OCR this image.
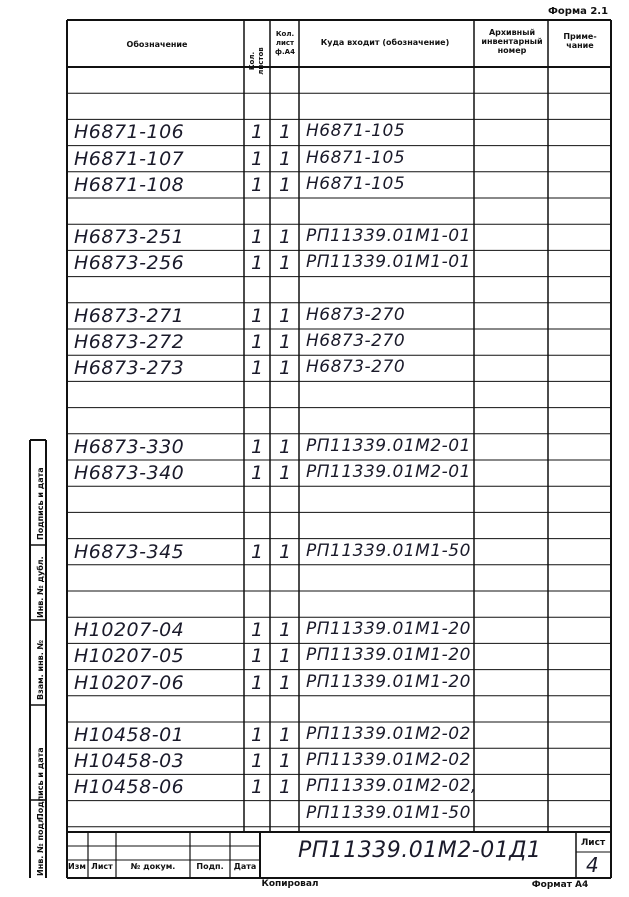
Форма 2.1
Обозначение
Кол. листов
Кол. лист ф.А4
Куда входит (обозначение)
Архивный инвентарный номер
Приме- чание
Н6871-106	1 1 Н6871-105
Н6871-107	1 1 Н6871-105
Н6871-108	1 1 Н6871-105
Н6873-251	1 1 РП11339.01М1-01
Н6873-256	1 1 РП11339.01М1-01
Н6873-271	1 1 Н6873-270
Н6873-272	1 1 Н6873-270
Н6873-273	1 1 Н6873-270
Н6873-330	1 1 РП11339.01М2-01
Н6873-340	1 1 РП11339.01М2-01
Н6873-345	1 1 РП11339.01М1-50
Н10207-04	1 1 РП11339.01М1-20
Н10207-05	1 1 РП11339.01М1-20
Н10207-06	1 1 РП11339.01М1-20
Н10458-01	1 1 РП11339.01М2-02
Н10458-03	1 1 РП11339.01М2-02
Н10458-06	1 1 РП11339.01М2-02,
РП11339.01М1-50
Подпись и дата
Инв. № дубл.
Взам. инв. №
Подпись и дата
Инв. № подл.	Изм Лист	№ докум.	Подп.	Дата
РП11339.01М2-01Д1	Лист
4
Копировал	Формат А4
